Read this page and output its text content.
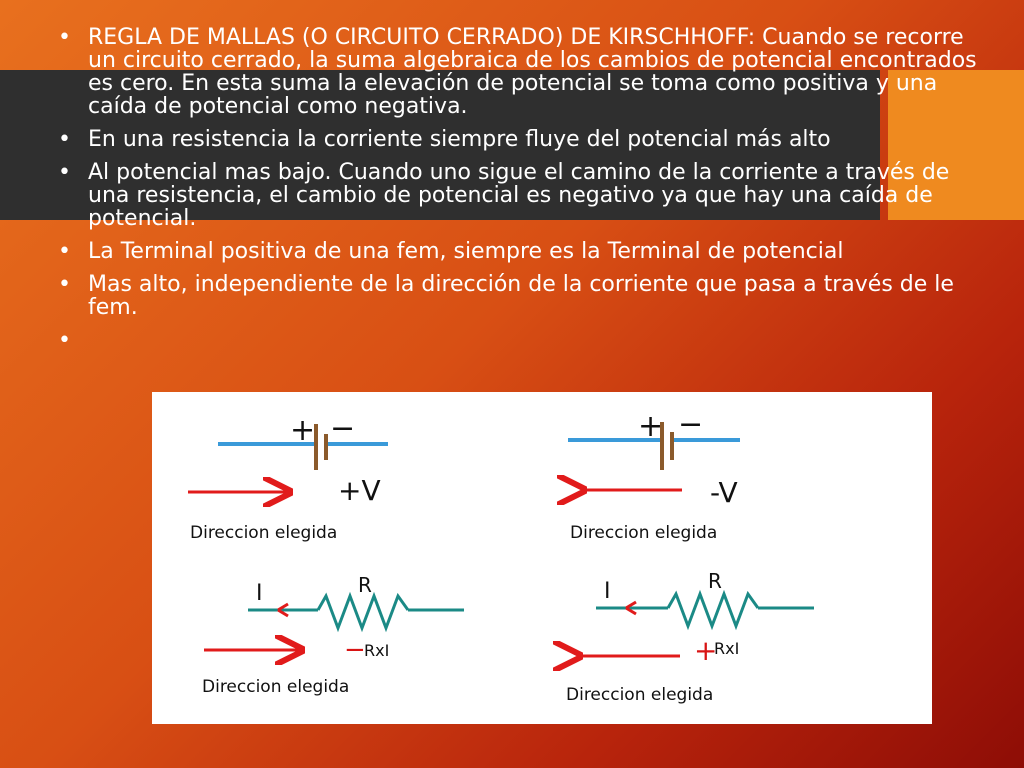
• REGLA DE MALLAS (O CIRCUITO CERRADO) DE KIRSCHHOFF: Cuando se recorre un circuito cerrado, la suma algebraica de los cambios de potencial encontrados es cero. En esta suma la elevación de potencial se toma como positiva y una caída de potencial como negativa.
• En una resistencia la corriente siempre fluye del potencial más alto
• Al potencial mas bajo. Cuando uno sigue el camino de la corriente a través de una resistencia, el cambio de potencial es negativo ya que hay una caída de potencial.
• La Terminal positiva de una fem, siempre es la Terminal de potencial
• Mas alto, independiente de la dirección de la corriente que pasa a través de le fem.
•
+ −
+V
Direccion elegida
+ −
-V
Direccion elegida
I	R
−
RxI
Direccion elegida
I	R
+
RxI
Direccion elegida
